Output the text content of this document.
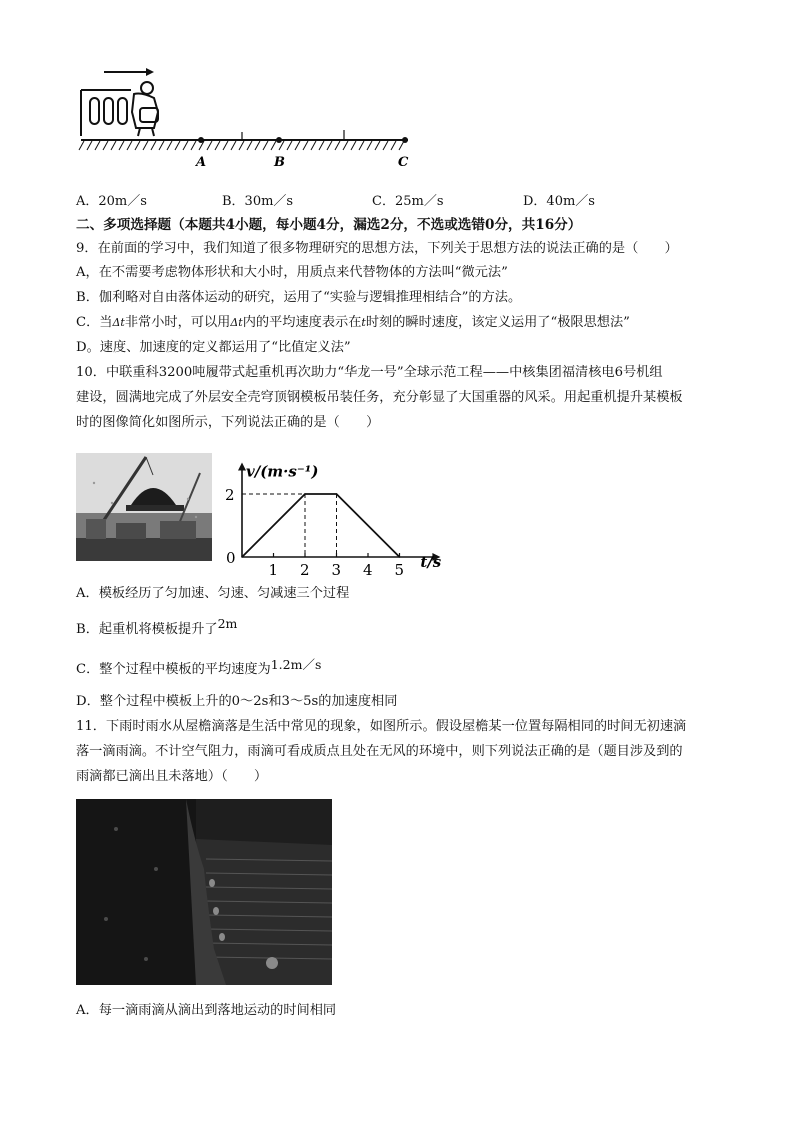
A	B	C
A．20m／s	B．30m／s	C．25m／s	D．40m／s
二、多项选择题（本题共4小题，每小题4分，漏选2分，不选或选错0分，共16分）
9．在前面的学习中，我们知道了很多物理研究的思想方法，下列关于思想方法的说法正确的是（　　）
A，在不需要考虑物体形状和大小时，用质点来代替物体的方法叫“微元法”
B．伽利略对自由落体运动的研究，运用了“实验与逻辑推理相结合”的方法。
C．当Δt非常小时，可以用Δt内的平均速度表示在t时刻的瞬时速度，该定义运用了“极限思想法”
D。速度、加速度的定义都运用了“比值定义法”
10．中联重科3200吨履带式起重机再次助力“华龙一号”全球示范工程——中核集团福清核电6号机组
建设，圆满地完成了外层安全壳穹顶钢模板吊装任务，充分彰显了大国重器的风采。用起重机提升某模板
时的图像简化如图所示，下列说法正确的是（　　）
v/(m·s⁻¹)
t/s
0
1 2 3 4 5
2
A．模板经历了匀加速、匀速、匀减速三个过程
B．起重机将模板提升了2m
C．整个过程中模板的平均速度为1.2m／s
D．整个过程中模板上升的0～2s和3～5s的加速度相同
11．下雨时雨水从屋檐滴落是生活中常见的现象，如图所示。假设屋檐某一位置每隔相同的时间无初速滴
落一滴雨滴。不计空气阻力，雨滴可看成质点且处在无风的环境中，则下列说法正确的是（题目涉及到的
雨滴都已滴出且未落地）（　　）
A．每一滴雨滴从滴出到落地运动的时间相同
